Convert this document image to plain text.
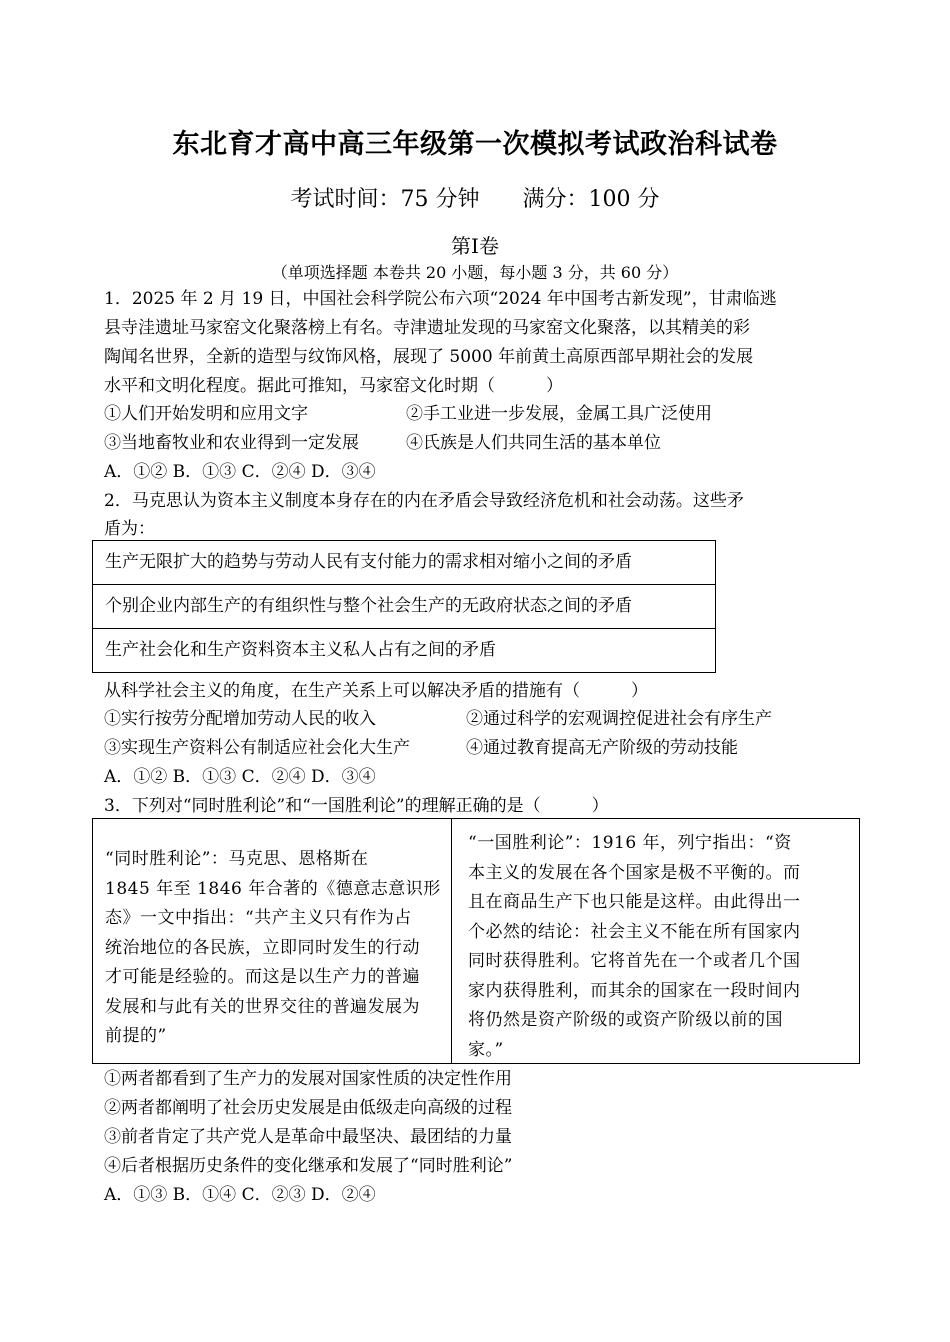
东北育才高中高三年级第一次模拟考试政治科试卷
考试时间：75 分钟 满分：100 分
第Ⅰ卷
（单项选择题 本卷共 20 小题，每小题 3 分，共 60 分）
1．2025 年 2 月 19 日，中国社会科学院公布六项“2024 年中国考古新发现”，甘肃临逃
县寺洼遗址马家窑文化聚落榜上有名。寺津遗址发现的马家窑文化聚落，以其精美的彩
陶闻名世界，全新的造型与纹饰风格，展现了 5000 年前黄土高原西部早期社会的发展
水平和文明化程度。据此可推知，马家窑文化时期（　　　）
①人们开始发明和应用文字	②手工业进一步发展，金属工具广泛使用
③当地畜牧业和农业得到一定发展	④氏族是人们共同生活的基本单位
A．①② B．①③ C．②④ D．③④
2．马克思认为资本主义制度本身存在的内在矛盾会导致经济危机和社会动荡。这些矛
盾为：
生产无限扩大的趋势与劳动人民有支付能力的需求相对缩小之间的矛盾
个别企业内部生产的有组织性与整个社会生产的无政府状态之间的矛盾
生产社会化和生产资料资本主义私人占有之间的矛盾
从科学社会主义的角度，在生产关系上可以解决矛盾的措施有（　　　）
①实行按劳分配增加劳动人民的收入	②通过科学的宏观调控促进社会有序生产
③实现生产资料公有制适应社会化大生产	④通过教育提高无产阶级的劳动技能
A．①② B．①③ C．②④ D．③④
3．下列对“同时胜利论”和“一国胜利论”的理解正确的是（　　　）
“同时胜利论”：马克思、恩格斯在
1845 年至 1846 年合著的《德意志意识形
态》一文中指出：“共产主义只有作为占
统治地位的各民族，立即同时发生的行动
才可能是经验的。而这是以生产力的普遍
发展和与此有关的世界交往的普遍发展为
前提的”
“一国胜利论”：1916 年，列宁指出：“资
本主义的发展在各个国家是极不平衡的。而
且在商品生产下也只能是这样。由此得出一
个必然的结论：社会主义不能在所有国家内
同时获得胜利。它将首先在一个或者几个国
家内获得胜利，而其余的国家在一段时间内
将仍然是资产阶级的或资产阶级以前的国
家。”
①两者都看到了生产力的发展对国家性质的决定性作用
②两者都阐明了社会历史发展是由低级走向高级的过程
③前者肯定了共产党人是革命中最坚决、最团结的力量
④后者根据历史条件的变化继承和发展了“同时胜利论”
A．①③ B．①④ C．②③ D．②④
